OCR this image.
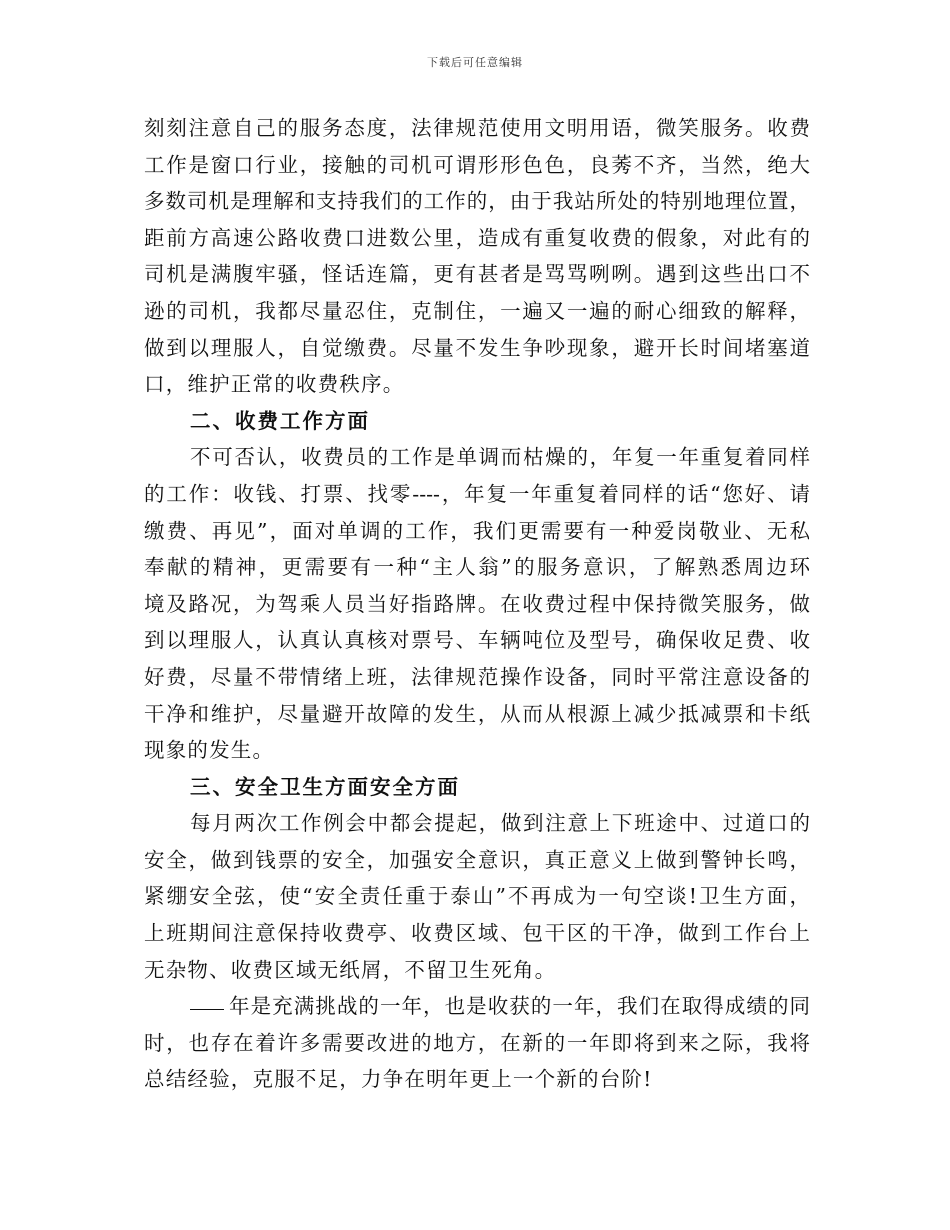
下载后可任意编辑
刻刻注意自己的服务态度，法律规范使用文明用语，微笑服务。收费
工作是窗口行业，接触的司机可谓形形色色，良莠不齐，当然，绝大
多数司机是理解和支持我们的工作的，由于我站所处的特别地理位置，
距前方高速公路收费口进数公里，造成有重复收费的假象，对此有的
司机是满腹牢骚，怪话连篇，更有甚者是骂骂咧咧。遇到这些出口不
逊的司机，我都尽量忍住，克制住，一遍又一遍的耐心细致的解释，
做到以理服人，自觉缴费。尽量不发生争吵现象，避开长时间堵塞道
口，维护正常的收费秩序。
二、收费工作方面
不可否认，收费员的工作是单调而枯燥的，年复一年重复着同样
的工作：收钱、打票、找零----，年复一年重复着同样的话“您好、请
缴费、再见”，面对单调的工作，我们更需要有一种爱岗敬业、无私
奉献的精神，更需要有一种“主人翁”的服务意识，了解熟悉周边环
境及路况，为驾乘人员当好指路牌。在收费过程中保持微笑服务，做
到以理服人，认真认真核对票号、车辆吨位及型号，确保收足费、收
好费，尽量不带情绪上班，法律规范操作设备，同时平常注意设备的
干净和维护，尽量避开故障的发生，从而从根源上减少抵减票和卡纸
现象的发生。
三、安全卫生方面安全方面
每月两次工作例会中都会提起，做到注意上下班途中、过道口的
安全，做到钱票的安全，加强安全意识，真正意义上做到警钟长鸣，
紧绷安全弦，使“安全责任重于泰山”不再成为一句空谈!卫生方面，
上班期间注意保持收费亭、收费区域、包干区的干净，做到工作台上
无杂物、收费区域无纸屑，不留卫生死角。
年是充满挑战的一年，也是收获的一年，我们在取得成绩的同
时，也存在着许多需要改进的地方，在新的一年即将到来之际，我将
总结经验，克服不足，力争在明年更上一个新的台阶!
